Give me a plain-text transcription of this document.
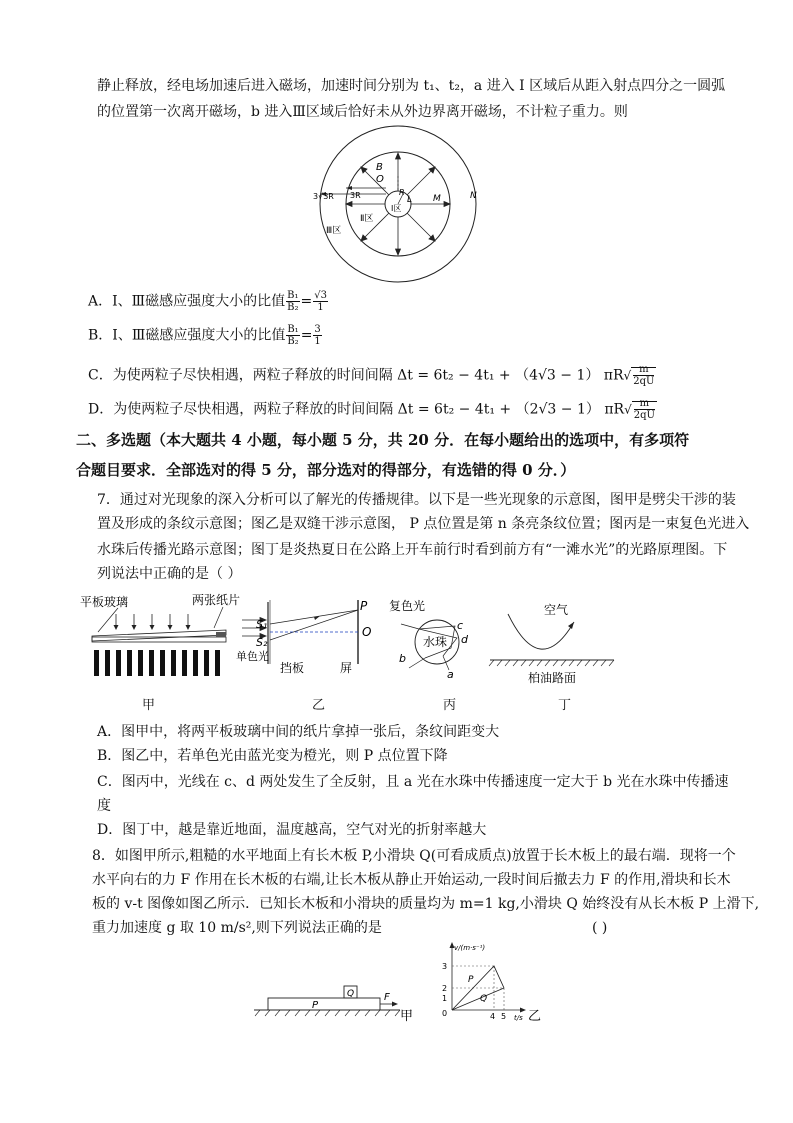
静止释放，经电场加速后进入磁场，加速时间分别为 t₁、t₂，a 进入 I 区域后从距入射点四分之一圆弧
的位置第一次离开磁场，b 进入Ⅲ区域后恰好未从外边界离开磁场，不计粒子重力。则
B
O
R
L M	N
3R
3√3R
Ⅰ区
Ⅱ区
Ⅲ区
A．Ⅰ、Ⅲ磁感应强度大小的比值 $\frac{\text{B₁}}{\text{B₂}} = \frac{√3}{1}$
B．Ⅰ、Ⅲ磁感应强度大小的比值 $\frac{\text{B₁}}{\text{B₂}} = \frac{3}{1}$
C．为使两粒子尽快相遇，两粒子释放的时间间隔 Δt = 6t₂ − 4t₁ + （4√3 − 1） $\pi R√ \frac{m}{2qU}$
D．为使两粒子尽快相遇，两粒子释放的时间间隔 Δt = 6t₂ − 4t₁ + （2√3 − 1） $\pi R√ \frac{m}{2qU}$
二、多选题（本大题共 4 小题，每小题 5 分，共 20 分．在每小题给出的选项中，有多项符
合题目要求．全部选对的得 5 分，部分选对的得部分，有选错的得 0 分．）
7．通过对光现象的深入分析可以了解光的传播规律。以下是一些光现象的示意图，图甲是劈尖干涉的装
置及形成的条纹示意图；图乙是双缝干涉示意图， P 点位置是第 n 条亮条纹位置；图丙是一束复色光进入
水珠后传播光路示意图；图丁是炎热夏日在公路上开车前行时看到前方有“一滩水光”的光路原理图。下
列说法中正确的是（ ）
平板玻璃	两张纸片
甲
P
O
S₁
S₂
单色光
挡板	屏
乙
复色光
水珠
c
d
b
a
丙
空气
柏油路面
丁
A．图甲中，将两平板玻璃中间的纸片拿掉一张后，条纹间距变大
B．图乙中，若单色光由蓝光变为橙光，则 P 点位置下降
C．图丙中，光线在 c、d 两处发生了全反射，且 a 光在水珠中传播速度一定大于 b 光在水珠中传播速
度
D．图丁中，越是靠近地面，温度越高，空气对光的折射率越大
8．如图甲所示,粗糙的水平地面上有长木板 P,小滑块 Q(可看成质点)放置于长木板上的最右端．现将一个
水平向右的力 F 作用在长木板的右端,让长木板从静止开始运动,一段时间后撤去力 F 的作用,滑块和长木
板的 v-t 图像如图乙所示．已知长木板和小滑块的质量均为 m=1 kg,小滑块 Q 始终没有从长木板 P 上滑下,
重力加速度 g 取 10 m/s²,则下列说法正确的是	( )
P
Q	F
甲
v/(m·s⁻¹)
3
2
1
0	4 5 t/s
P
Q
乙
